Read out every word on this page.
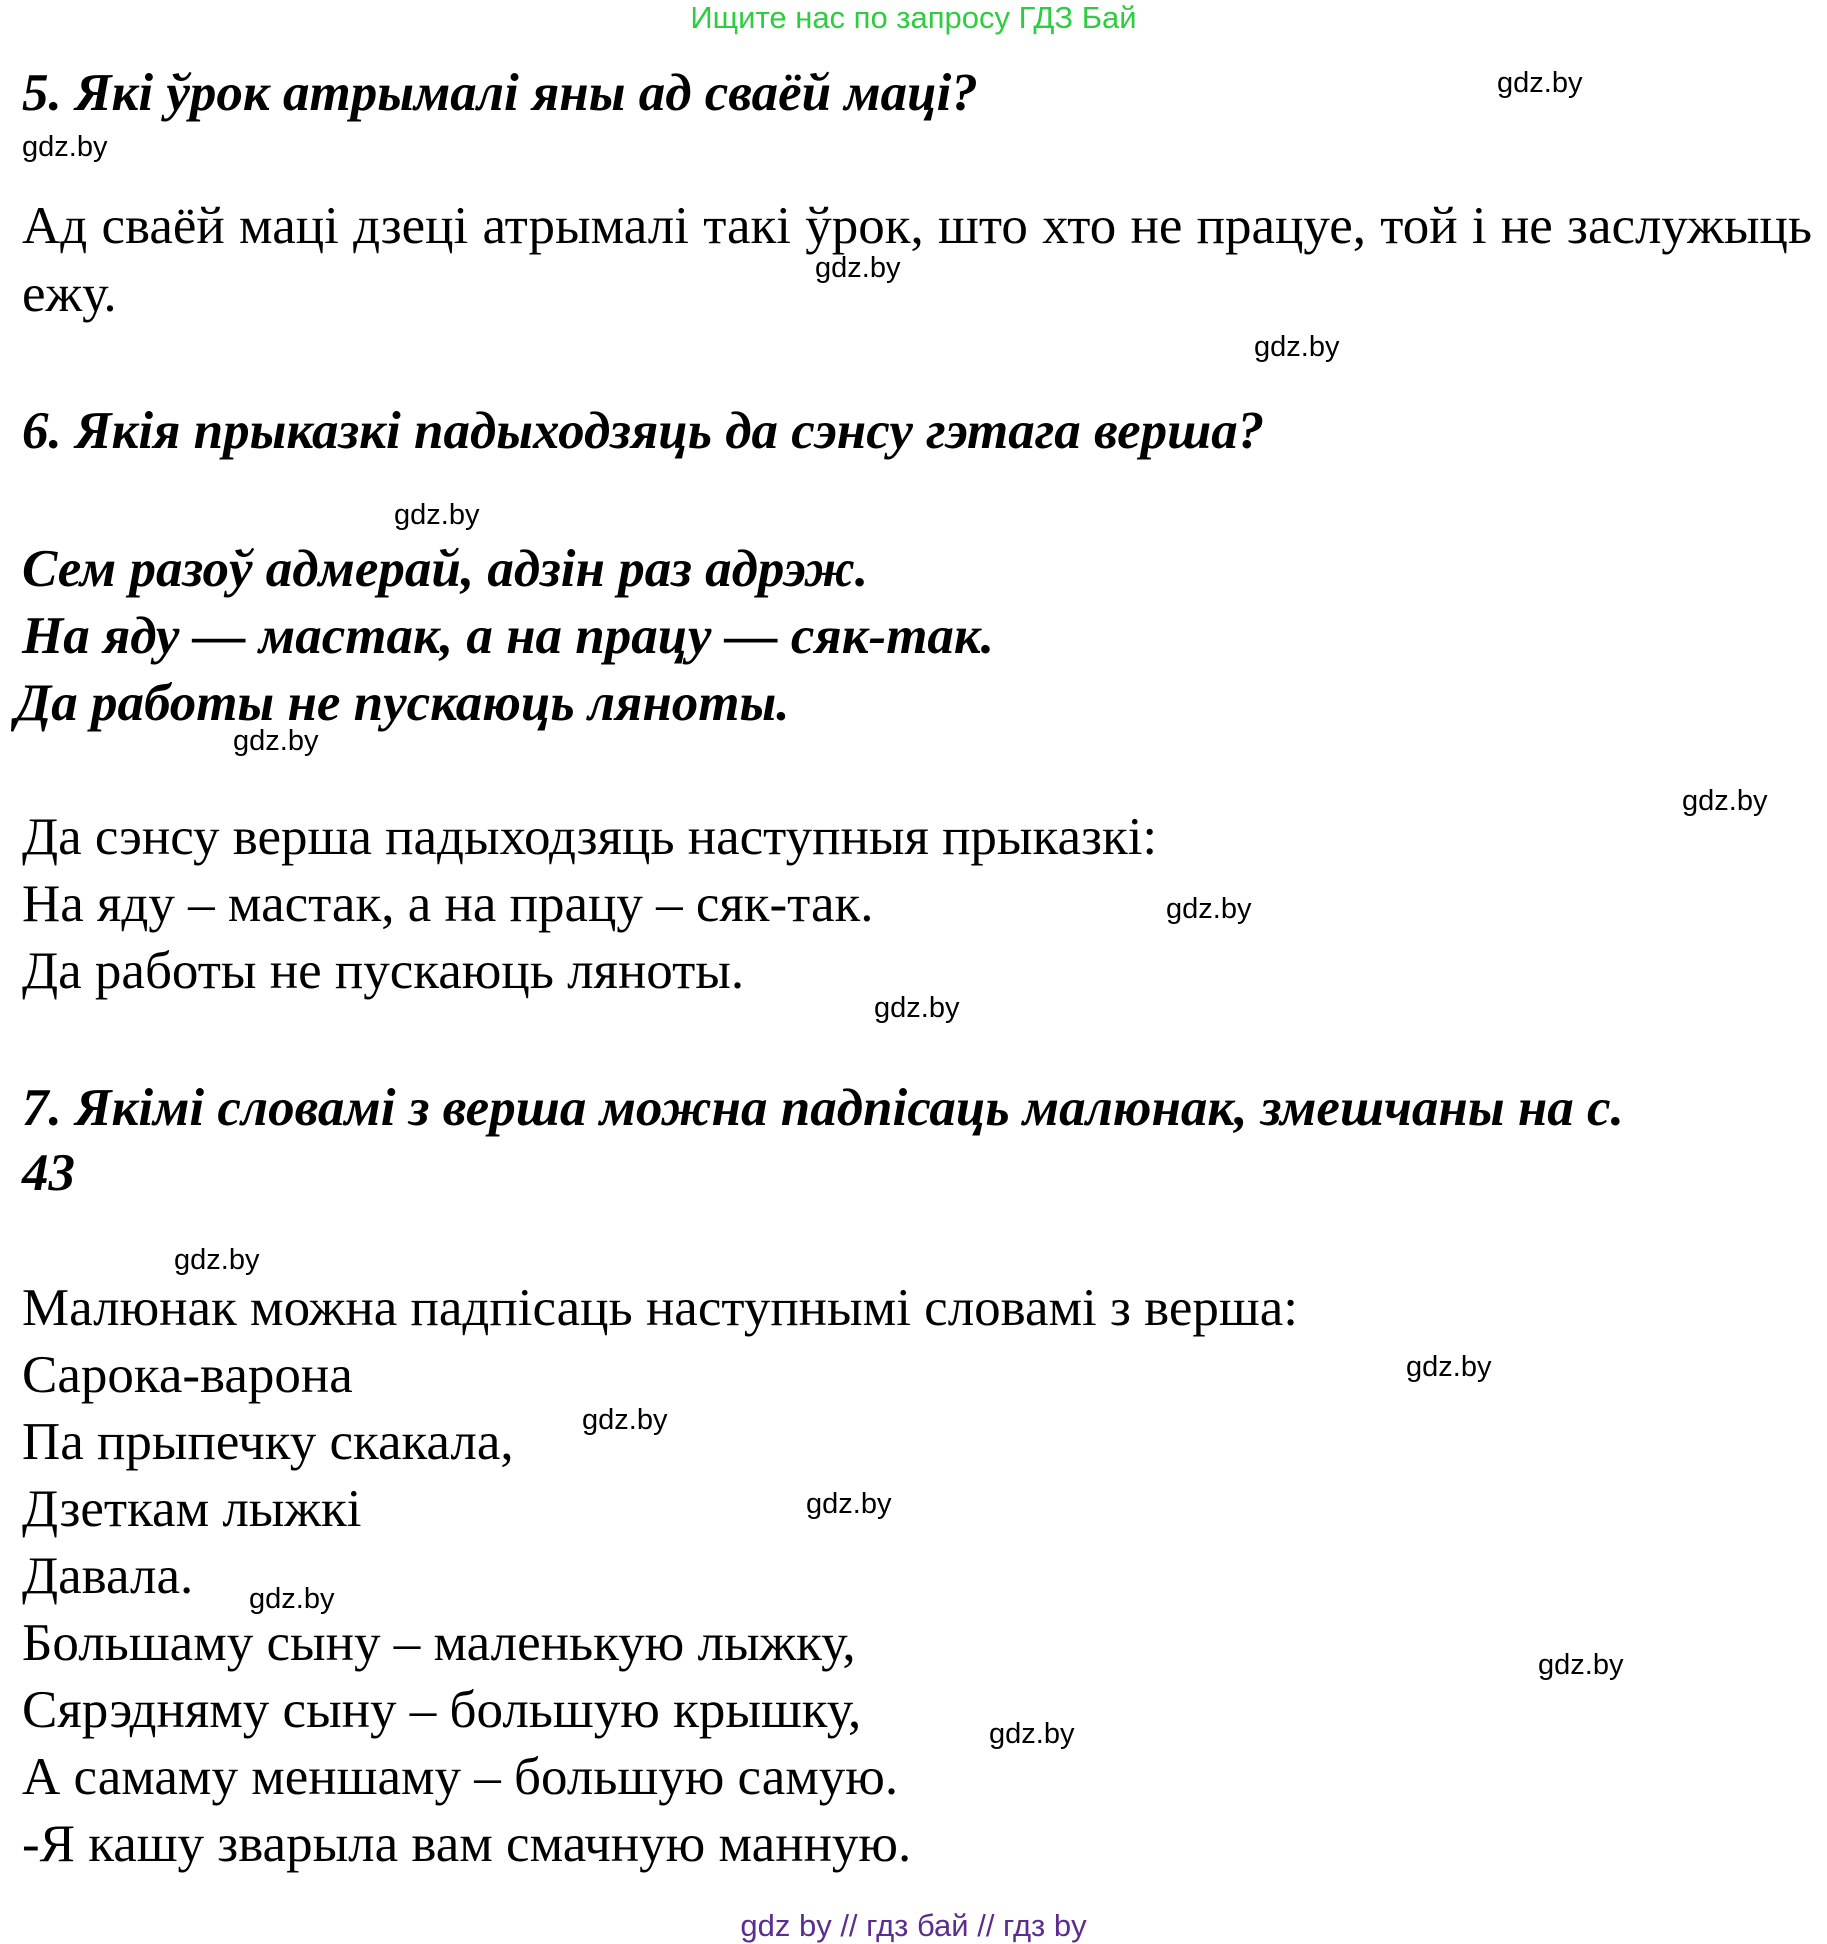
Ищите нас по запросу ГДЗ Бай
5. Які ўрок атрымалі яны ад сваёй маці?
Ад сваёй маці дзеці атрымалі такі ўрок, што хто не працуе, той і не заслужыць ежу.
6. Якія прыказкі падыходзяць да сэнсу гэтага верша?
Сем разоў адмерай, адзін раз адрэж.
На яду — мастак, а на працу — сяк-так.
Да работы не пускаюць ляноты.
Да сэнсу верша падыходзяць наступныя прыказкі:
На яду – мастак, а на працу – сяк-так.
Да работы не пускаюць ляноты.
7. Якімі словамі з верша можна падпісаць малюнак, змешчаны на с.
43
Малюнак можна падпісаць наступнымі словамі з верша:
Сарока-варона
Па прыпечку скакала,
Дзеткам лыжкі
Давала.
Большаму сыну – маленькую лыжку,
Сярэдняму сыну – большую крышку,
А самаму меншаму – большую самую.
-Я кашу зварыла вам смачную манную.
gdz.by
gdz.by
gdz.by
gdz.by
gdz.by
gdz.by
gdz.by
gdz.by
gdz.by
gdz.by
gdz.by
gdz.by
gdz.by
gdz.by
gdz.by
gdz.by
gdz by // гдз бай // гдз by
